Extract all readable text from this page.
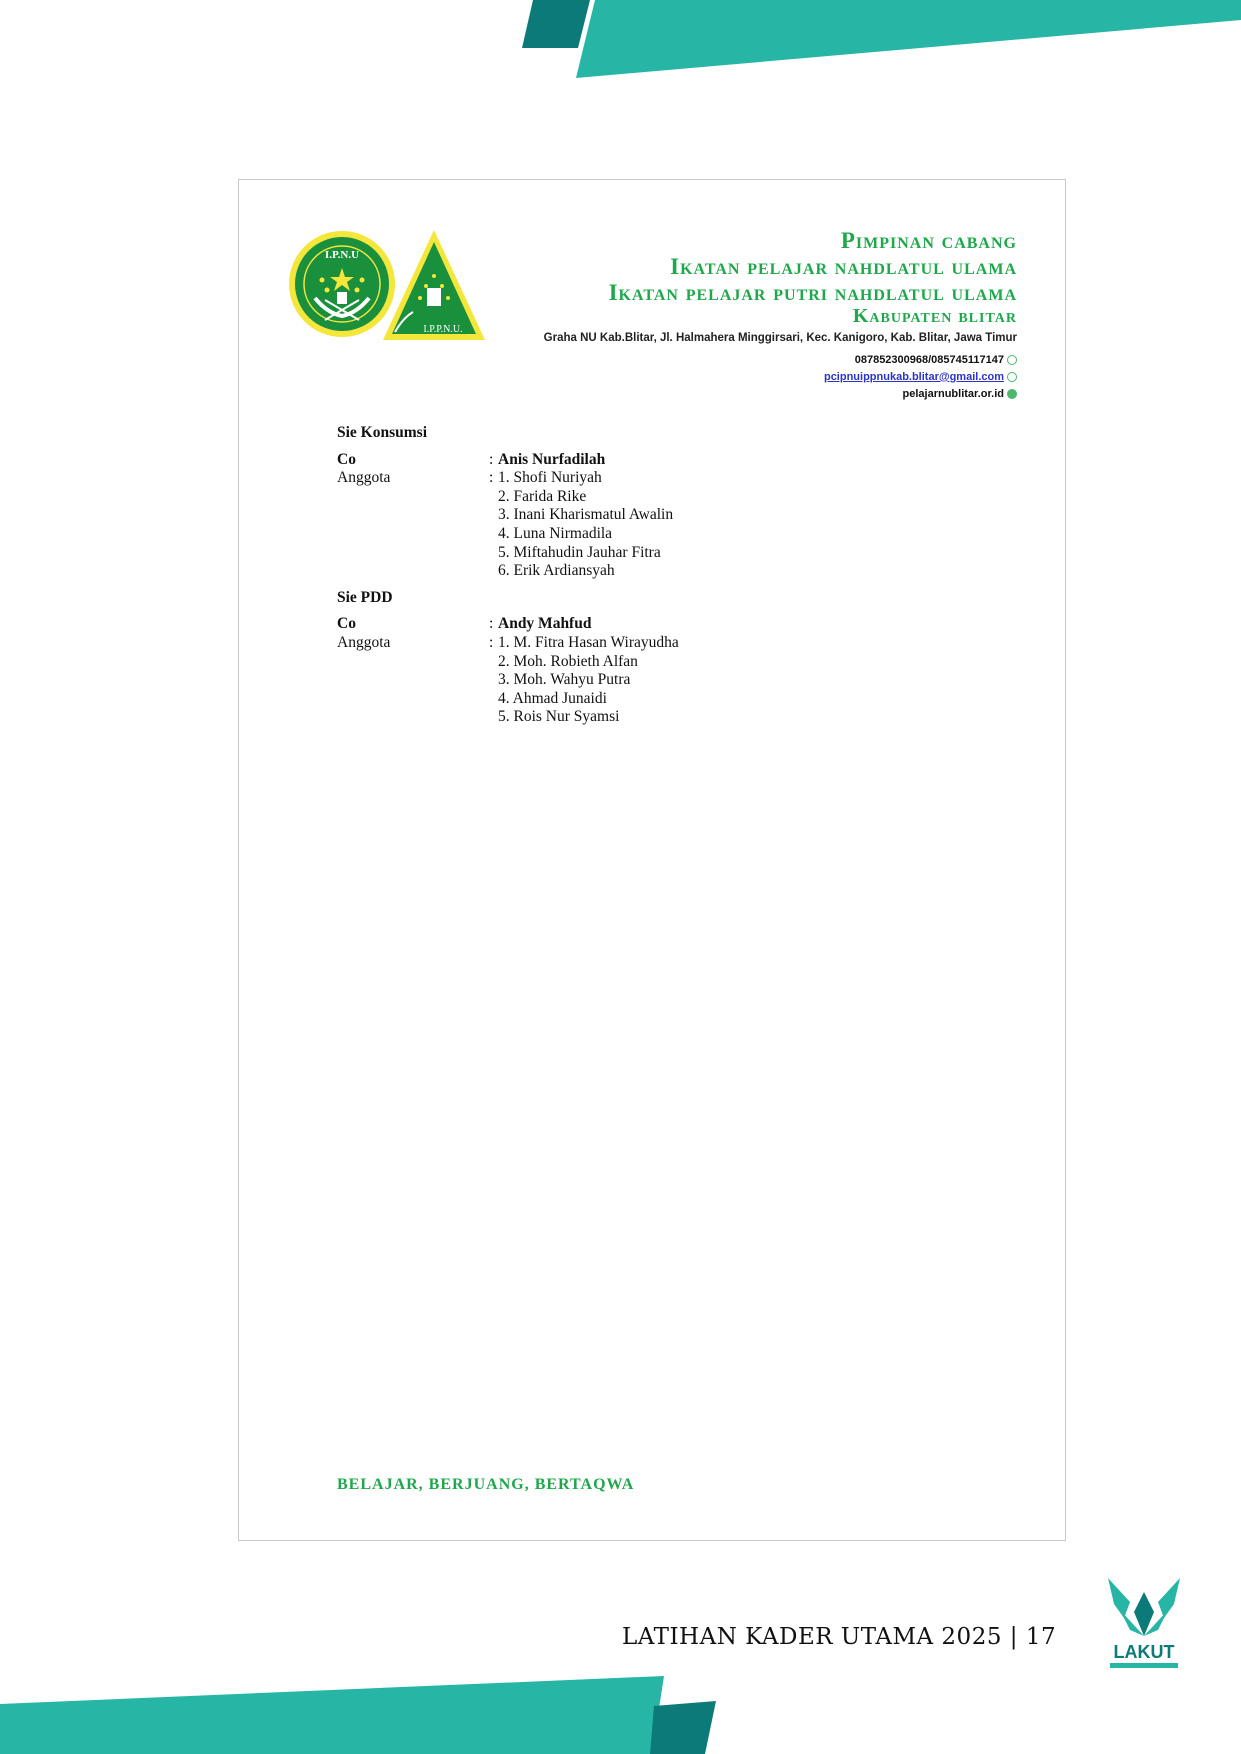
I.P.N.U
I.P.P.N.U.
Pimpinan cabang
Ikatan pelajar nahdlatul ulama
Ikatan pelajar putri nahdlatul ulama
Kabupaten blitar
Graha NU Kab.Blitar, Jl. Halmahera Minggirsari, Kec. Kanigoro, Kab. Blitar, Jawa Timur
087852300968/085745117147
pcipnuippnukab.blitar@gmail.com
pelajarnublitar.or.id
Sie Konsumsi
Co	: Anis Nurfadilah
Anggota	: 1. Shofi Nuriyah
2. Farida Rike
3. Inani Kharismatul Awalin
4. Luna Nirmadila
5. Miftahudin Jauhar Fitra
6. Erik Ardiansyah
Sie PDD
Co	: Andy Mahfud
Anggota	: 1. M. Fitra Hasan Wirayudha
2. Moh. Robieth Alfan
3. Moh. Wahyu Putra
4. Ahmad Junaidi
5. Rois Nur Syamsi
BELAJAR, BERJUANG, BERTAQWA
LATIHAN KADER UTAMA 2025 | 17
LAKUT
